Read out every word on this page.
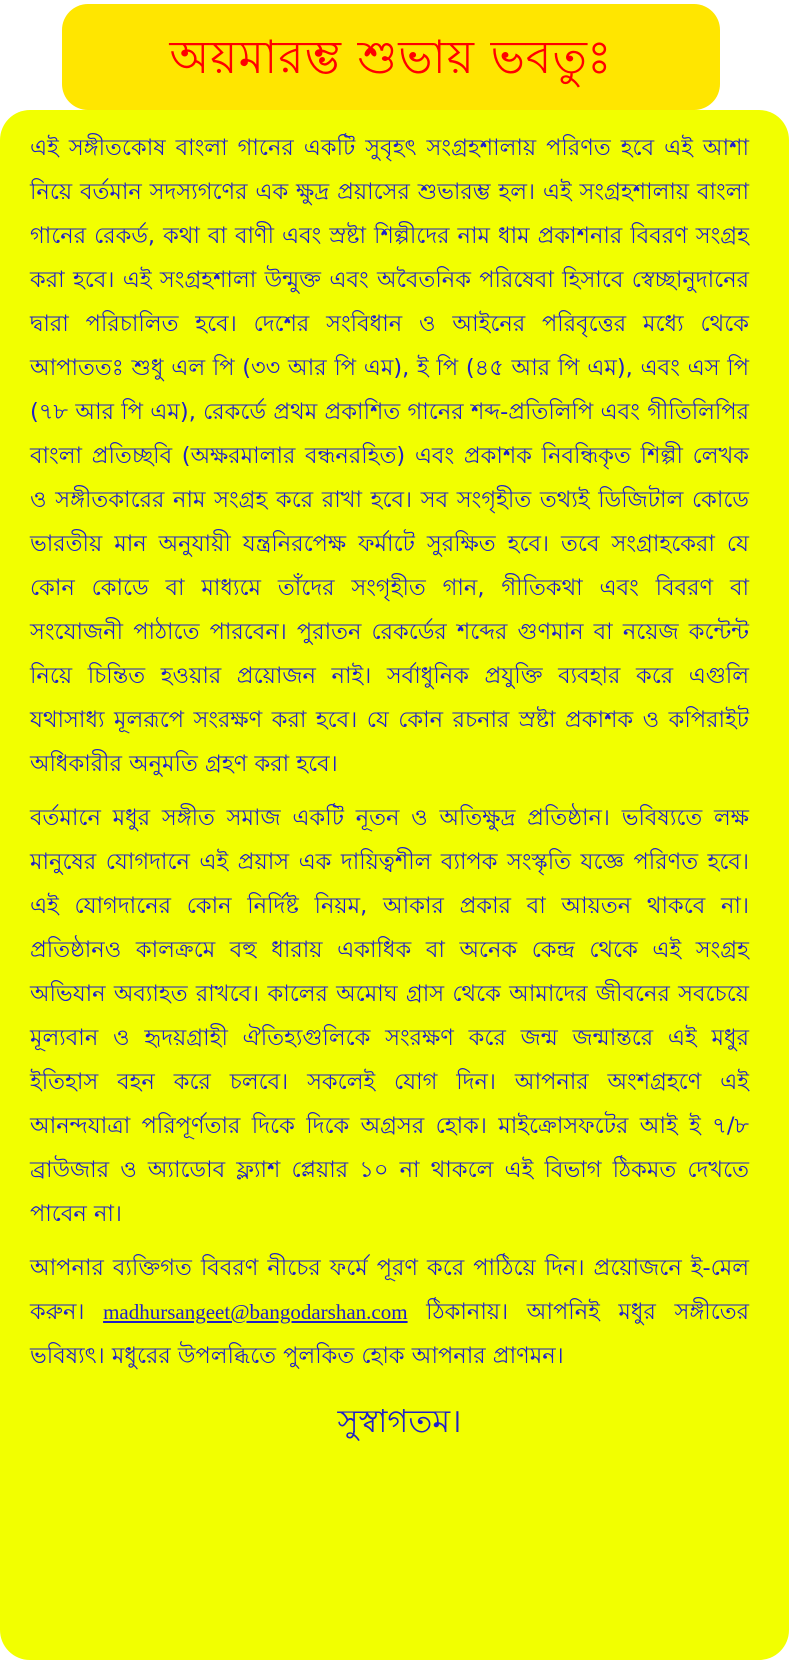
অয়মারম্ভ শুভায় ভবতুঃ

এই সঙ্গীতকোষ বাংলা গানের একটি সুবৃহৎ সংগ্রহশালায় পরিণত হবে এই আশা নিয়ে বর্তমান সদস্যগণের এক ক্ষুদ্র প্রয়াসের শুভারম্ভ হল। এই সংগ্রহশালায় বাংলা গানের রেকর্ড, কথা বা বাণী এবং স্রষ্টা শিল্পীদের নাম ধাম প্রকাশনার বিবরণ সংগ্রহ করা হবে। এই সংগ্রহশালা উন্মুক্ত এবং অবৈতনিক পরিষেবা হিসাবে স্বেচ্ছানুদানের দ্বারা পরিচালিত হবে। দেশের সংবিধান ও আইনের পরিবৃত্তের মধ্যে থেকে আপাততঃ শুধু এল পি (৩৩ আর পি এম), ই পি (৪৫ আর পি এম), এবং এস পি (৭৮ আর পি এম), রেকর্ডে প্রথম প্রকাশিত গানের শব্দ-প্রতিলিপি এবং গীতিলিপির বাংলা প্রতিচ্ছবি (অক্ষরমালার বন্ধনরহিত) এবং প্রকাশক নিবন্ধিকৃত শিল্পী লেখক ও সঙ্গীতকারের নাম সংগ্রহ করে রাখা হবে। সব সংগৃহীত তথ্যই ডিজিটাল কোডে ভারতীয় মান অনুযায়ী যন্ত্রনিরপেক্ষ ফর্মাটে সুরক্ষিত হবে। তবে সংগ্রাহকেরা যে কোন কোডে বা মাধ্যমে তাঁদের সংগৃহীত গান, গীতিকথা এবং বিবরণ বা সংযোজনী পাঠাতে পারবেন। পুরাতন রেকর্ডের শব্দের গুণমান বা নয়েজ কন্টেন্ট নিয়ে চিন্তিত হওয়ার প্রয়োজন নাই। সর্বাধুনিক প্রযুক্তি ব্যবহার করে এগুলি যথাসাধ্য মূলরূপে সংরক্ষণ করা হবে। যে কোন রচনার স্রষ্টা প্রকাশক ও কপিরাইট অধিকারীর অনুমতি গ্রহণ করা হবে।

বর্তমানে মধুর সঙ্গীত সমাজ একটি নূতন ও অতিক্ষুদ্র প্রতিষ্ঠান। ভবিষ্যতে লক্ষ মানুষের যোগদানে এই প্রয়াস এক দায়িত্বশীল ব্যাপক সংস্কৃতি যজ্ঞে পরিণত হবে। এই যোগদানের কোন নির্দিষ্ট নিয়ম, আকার প্রকার বা আয়তন থাকবে না। প্রতিষ্ঠানও কালক্রমে বহু ধারায় একাধিক বা অনেক কেন্দ্র থেকে এই সংগ্রহ অভিযান অব্যাহত রাখবে। কালের অমোঘ গ্রাস থেকে আমাদের জীবনের সবচেয়ে মূল্যবান ও হৃদয়গ্রাহী ঐতিহ্যগুলিকে সংরক্ষণ করে জন্ম জন্মান্তরে এই মধুর ইতিহাস বহন করে চলবে। সকলেই যোগ দিন। আপনার অংশগ্রহণে এই আনন্দযাত্রা পরিপূর্ণতার দিকে দিকে অগ্রসর হোক। মাইক্রোসফটের আই ই ৭/৮ ব্রাউজার ও অ্যাডোব ফ্ল্যাশ প্লেয়ার ১০ না থাকলে এই বিভাগ ঠিকমত দেখতে পাবেন না।

আপনার ব্যক্তিগত বিবরণ নীচের ফর্মে পূরণ করে পাঠিয়ে দিন। প্রয়োজনে ই-মেল করুন। madhursangeet@bangodarshan.com ঠিকানায়। আপনিই মধুর সঙ্গীতের ভবিষ্যৎ। মধুরের উপলব্ধিতে পুলকিত হোক আপনার প্রাণমন।

সুস্বাগতম।
